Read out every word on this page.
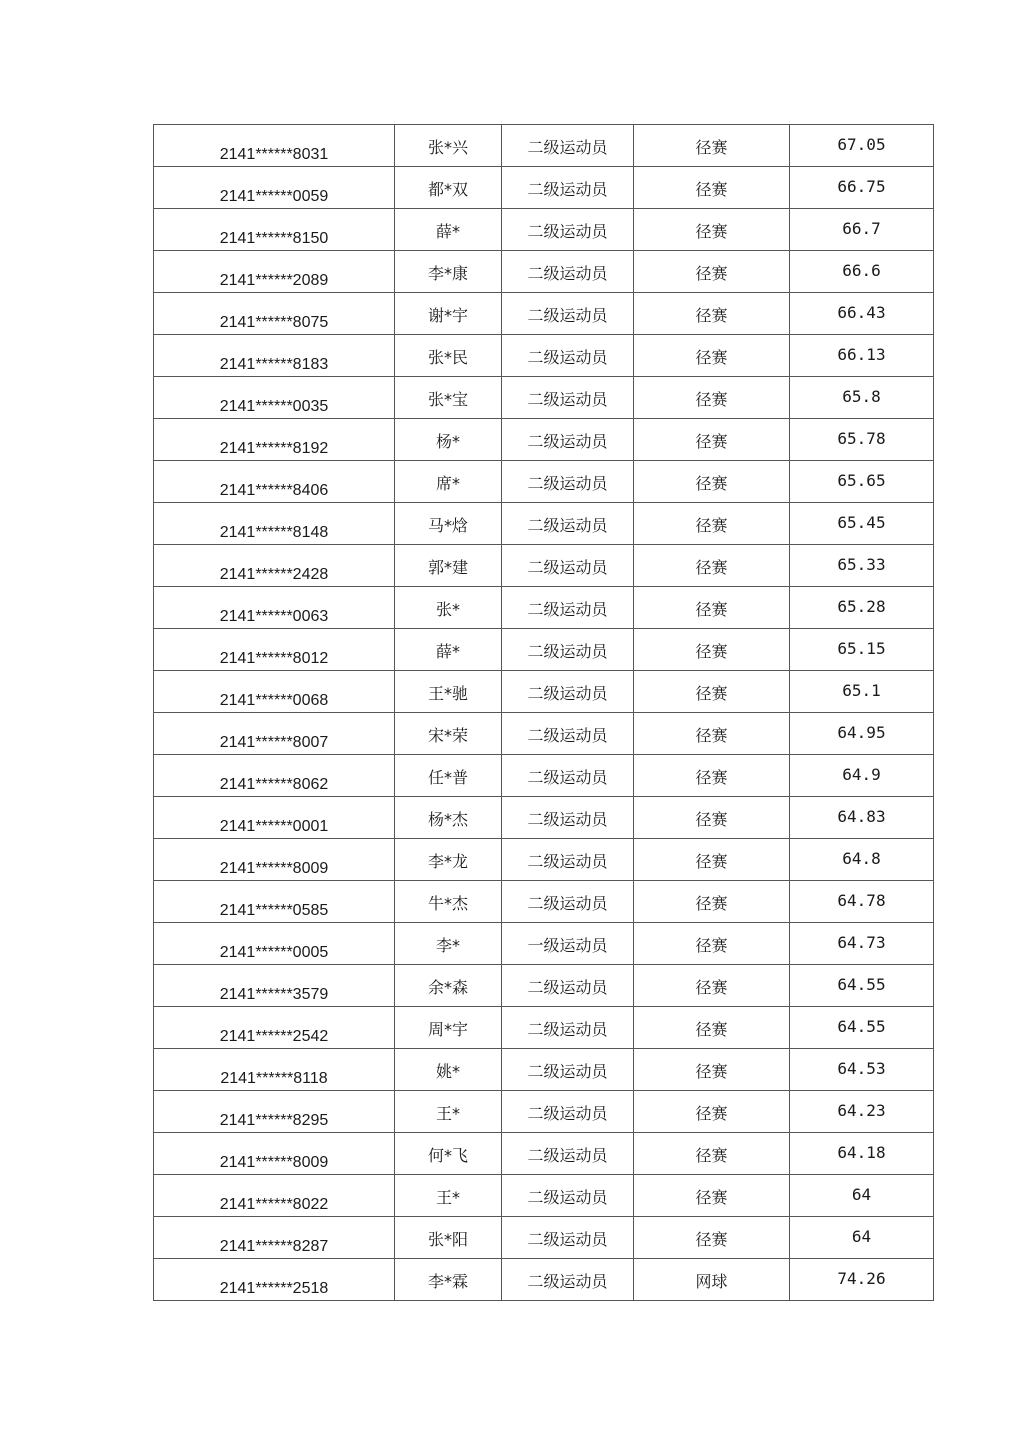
2141******8031	张*兴	二级运动员	径赛	67.05
2141******0059	都*双	二级运动员	径赛	66.75
2141******8150	薛*	二级运动员	径赛	66.7
2141******2089	李*康	二级运动员	径赛	66.6
2141******8075	谢*宇	二级运动员	径赛	66.43
2141******8183	张*民	二级运动员	径赛	66.13
2141******0035	张*宝	二级运动员	径赛	65.8
2141******8192	杨*	二级运动员	径赛	65.78
2141******8406	席*	二级运动员	径赛	65.65
2141******8148	马*焓	二级运动员	径赛	65.45
2141******2428	郭*建	二级运动员	径赛	65.33
2141******0063	张*	二级运动员	径赛	65.28
2141******8012	薛*	二级运动员	径赛	65.15
2141******0068	王*驰	二级运动员	径赛	65.1
2141******8007	宋*荣	二级运动员	径赛	64.95
2141******8062	任*普	二级运动员	径赛	64.9
2141******0001	杨*杰	二级运动员	径赛	64.83
2141******8009	李*龙	二级运动员	径赛	64.8
2141******0585	牛*杰	二级运动员	径赛	64.78
2141******0005	李*	一级运动员	径赛	64.73
2141******3579	余*森	二级运动员	径赛	64.55
2141******2542	周*宇	二级运动员	径赛	64.55
2141******8118	姚*	二级运动员	径赛	64.53
2141******8295	王*	二级运动员	径赛	64.23
2141******8009	何*飞	二级运动员	径赛	64.18
2141******8022	王*	二级运动员	径赛	64
2141******8287	张*阳	二级运动员	径赛	64
2141******2518	李*霖	二级运动员	网球	74.26
